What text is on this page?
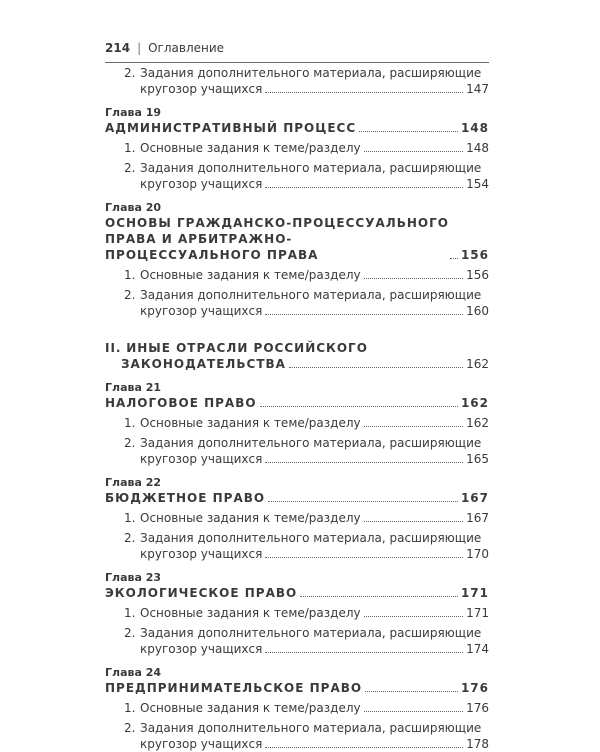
214 | Оглавление
2. Задания дополнительного материала, расширяющие
кругозор учащихся	147
Глава 19
АДМИНИСТРАТИВНЫЙ ПРОЦЕСС	148
1. Основные задания к теме/разделу	148
2. Задания дополнительного материала, расширяющие
кругозор учащихся	154
Глава 20
ОСНОВЫ ГРАЖДАНСКО-ПРОЦЕССУАЛЬНОГО
ПРАВА И АРБИТРАЖНО-ПРОЦЕССУАЛЬНОГО ПРАВА	156
1. Основные задания к теме/разделу	156
2. Задания дополнительного материала, расширяющие
кругозор учащихся	160
II. ИНЫЕ ОТРАСЛИ РОССИЙСКОГО
ЗАКОНОДАТЕЛЬСТВА	162
Глава 21
НАЛОГОВОЕ ПРАВО	162
1. Основные задания к теме/разделу	162
2. Задания дополнительного материала, расширяющие
кругозор учащихся	165
Глава 22
БЮДЖЕТНОЕ ПРАВО	167
1. Основные задания к теме/разделу	167
2. Задания дополнительного материала, расширяющие
кругозор учащихся	170
Глава 23
ЭКОЛОГИЧЕСКОЕ ПРАВО	171
1. Основные задания к теме/разделу	171
2. Задания дополнительного материала, расширяющие
кругозор учащихся	174
Глава 24
ПРЕДПРИНИМАТЕЛЬСКОЕ ПРАВО	176
1. Основные задания к теме/разделу	176
2. Задания дополнительного материала, расширяющие
кругозор учащихся	178
